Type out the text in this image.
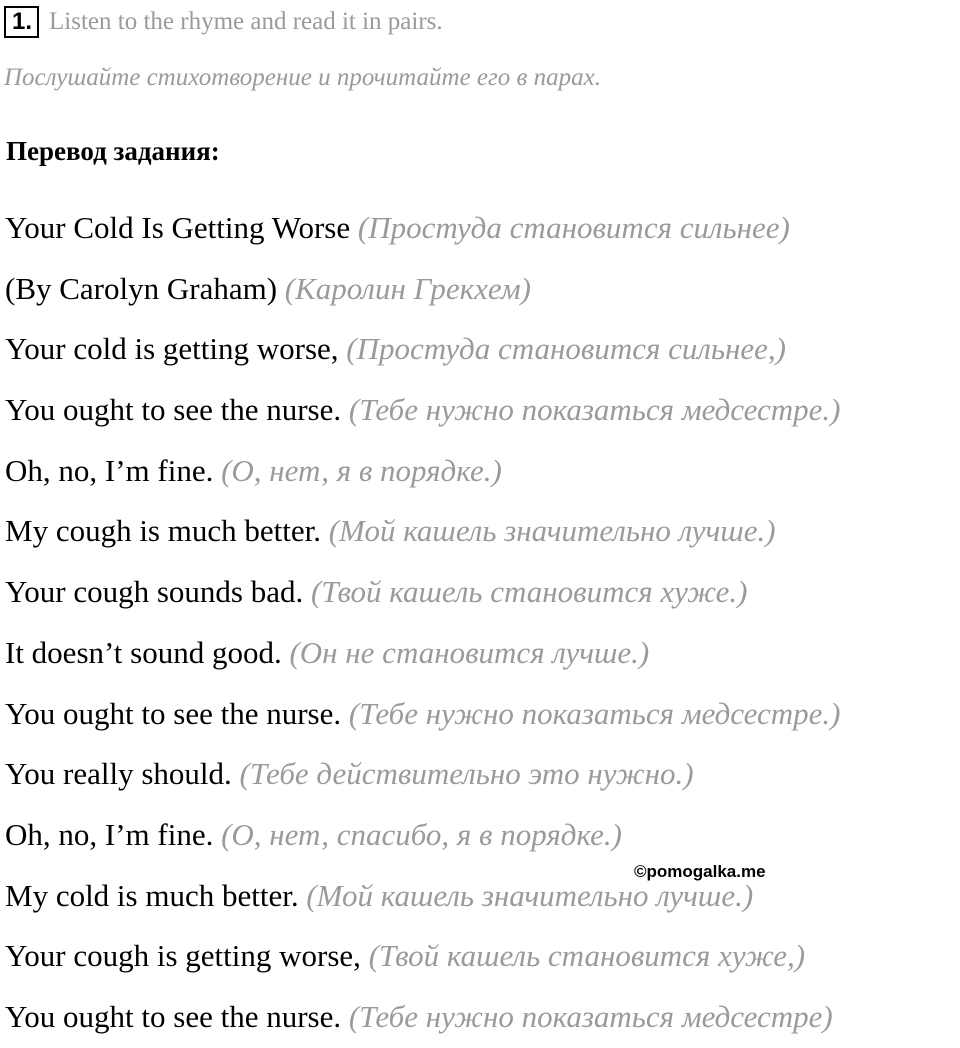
1. Listen to the rhyme and read it in pairs.
Послушайте стихотворение и прочитайте его в парах.
Перевод задания:
Your Cold Is Getting Worse (Простуда становится сильнее)
(By Carolyn Graham) (Каролин Грекхем)
Your cold is getting worse, (Простуда становится сильнее,)
You ought to see the nurse. (Тебе нужно показаться медсестре.)
Oh, no, I’m fine. (О, нет, я в порядке.)
My cough is much better. (Мой кашель значительно лучше.)
Your cough sounds bad. (Твой кашель становится хуже.)
It doesn’t sound good. (Он не становится лучше.)
You ought to see the nurse. (Тебе нужно показаться медсестре.)
You really should. (Тебе действительно это нужно.)
Oh, no, I’m fine. (О, нет, спасибо, я в порядке.)
My cold is much better. (Мой кашель значительно лучше.)
Your cough is getting worse, (Твой кашель становится хуже,)
You ought to see the nurse. (Тебе нужно показаться медсестре)
©pomogalka.me
